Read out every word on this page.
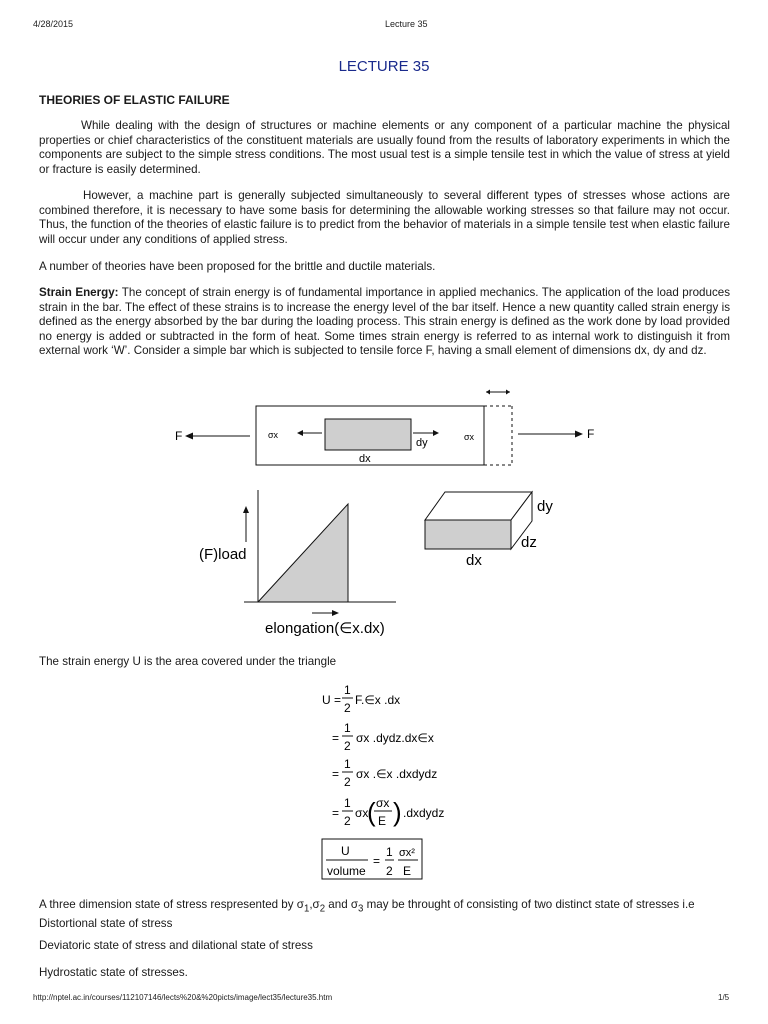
4/28/2015	Lecture 35
LECTURE 35
THEORIES OF ELASTIC FAILURE

While dealing with the design of structures or machine elements or any component of a particular machine the physical properties or chief characteristics of the constituent materials are usually found from the results of laboratory experiments in which the components are subject to the simple stress conditions. The most usual test is a simple tensile test in which the value of stress at yield or fracture is easily determined.

However, a machine part is generally subjected simultaneously to several different types of stresses whose actions are combined therefore, it is necessary to have some basis for determining the allowable working stresses so that failure may not occur. Thus, the function of the theories of elastic failure is to predict from the behavior of materials in a simple tensile test when elastic failure will occur under any conditions of applied stress.

A number of theories have been proposed for the brittle and ductile materials.

Strain Energy: The concept of strain energy is of fundamental importance in applied mechanics. The application of the load produces strain in the bar. The effect of these strains is to increase the energy level of the bar itself. Hence a new quantity called strain energy is defined as the energy absorbed by the bar during the loading process. This strain energy is defined as the work done by load provided no energy is added or subtracted in the form of heat. Some times strain energy is referred to as internal work to distinguish it from external work ‘W’. Consider a simple bar which is subjected to tensile force F, having a small element of dimensions dx, dy and dz.

F	F
σx	σx
dy
dx
(F)load
elongation(∈x.dx)
dy
dz
dx

The strain energy U is the area covered under the triangle

U =
1
2
F.∈x .dx
=
1
2
σx .dydz.dx∈x
=
1
2
σx .∈x .dxdydz
=
1
2
σx
( σx
E ) .dxdydz
U
volume
=
1
2
σx²
E

A three dimension state of stress respresented by $\sigma_1,\sigma_2$ and $\sigma_3$ may be throught of consisting of two distinct state of stresses i.e
Distortional state of stress

Deviatoric state of stress and dilational state of stress

Hydrostatic state of stresses.

http://nptel.ac.in/courses/112107146/lects%20&%20picts/image/lect35/lecture35.htm	1/5
